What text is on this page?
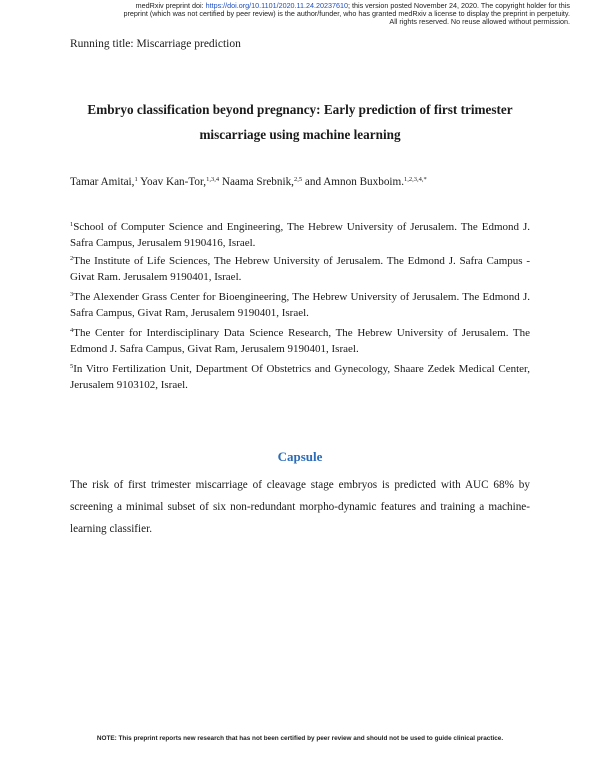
medRxiv preprint doi: https://doi.org/10.1101/2020.11.24.20237610; this version posted November 24, 2020. The copyright holder for this
preprint (which was not certified by peer review) is the author/funder, who has granted medRxiv a license to display the preprint in perpetuity.
All rights reserved. No reuse allowed without permission.
Running title: Miscarriage prediction
Embryo classification beyond pregnancy: Early prediction of first trimester
miscarriage using machine learning
Tamar Amitai,$^1$ Yoav Kan-Tor,$^{1,3,4}$ Naama Srebnik,$^{2,5}$ and Amnon Buxboim.$^{1,2,3,4,*}$
$^1$School of Computer Science and Engineering, The Hebrew University of Jerusalem. The Edmond J. Safra Campus, Jerusalem 9190416, Israel.
$^2$The Institute of Life Sciences, The Hebrew University of Jerusalem. The Edmond J. Safra Campus - Givat Ram. Jerusalem 9190401, Israel.
$^3$The Alexender Grass Center for Bioengineering, The Hebrew University of Jerusalem. The Edmond J. Safra Campus, Givat Ram, Jerusalem 9190401, Israel.
$^4$The Center for Interdisciplinary Data Science Research, The Hebrew University of Jerusalem. The Edmond J. Safra Campus, Givat Ram, Jerusalem 9190401, Israel.
$^5$In Vitro Fertilization Unit, Department Of Obstetrics and Gynecology, Shaare Zedek Medical Center, Jerusalem 9103102, Israel.
Capsule
The risk of first trimester miscarriage of cleavage stage embryos is predicted with AUC 68% by screening a minimal subset of six non-redundant morpho-dynamic features and training a machine-learning classifier.
NOTE: This preprint reports new research that has not been certified by peer review and should not be used to guide clinical practice.
